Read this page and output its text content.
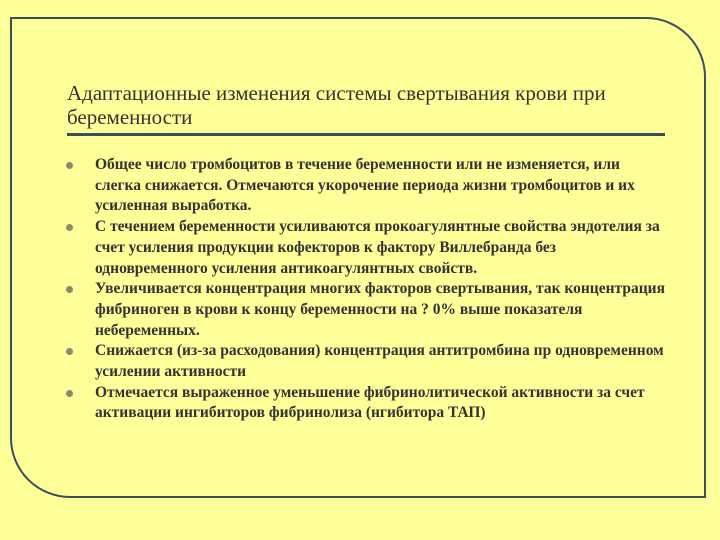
Адаптационные изменения системы свертывания крови при беременности
Общее число тромбоцитов в течение беременности или не изменяется, или слегка снижается. Отмечаются укорочение периода жизни тромбоцитов и их усиленная выработка.
С течением беременности усиливаются прокоагулянтные свойства эндотелия за счет усиления продукции кофекторов к фактору Виллебранда без одновременного усиления антикоагулянтных свойств.
Увеличивается концентрация многих факторов свертывания, так концентрация фибриноген в крови к концу беременности на ? 0% выше показателя небеременных.
Снижается (из-за расходования) концентрация антитромбина пр одновременном усилении активности
Отмечается выраженное уменьшение фибринолитической активности за счет активации ингибиторов фибринолиза (нгибитора ТАП)
